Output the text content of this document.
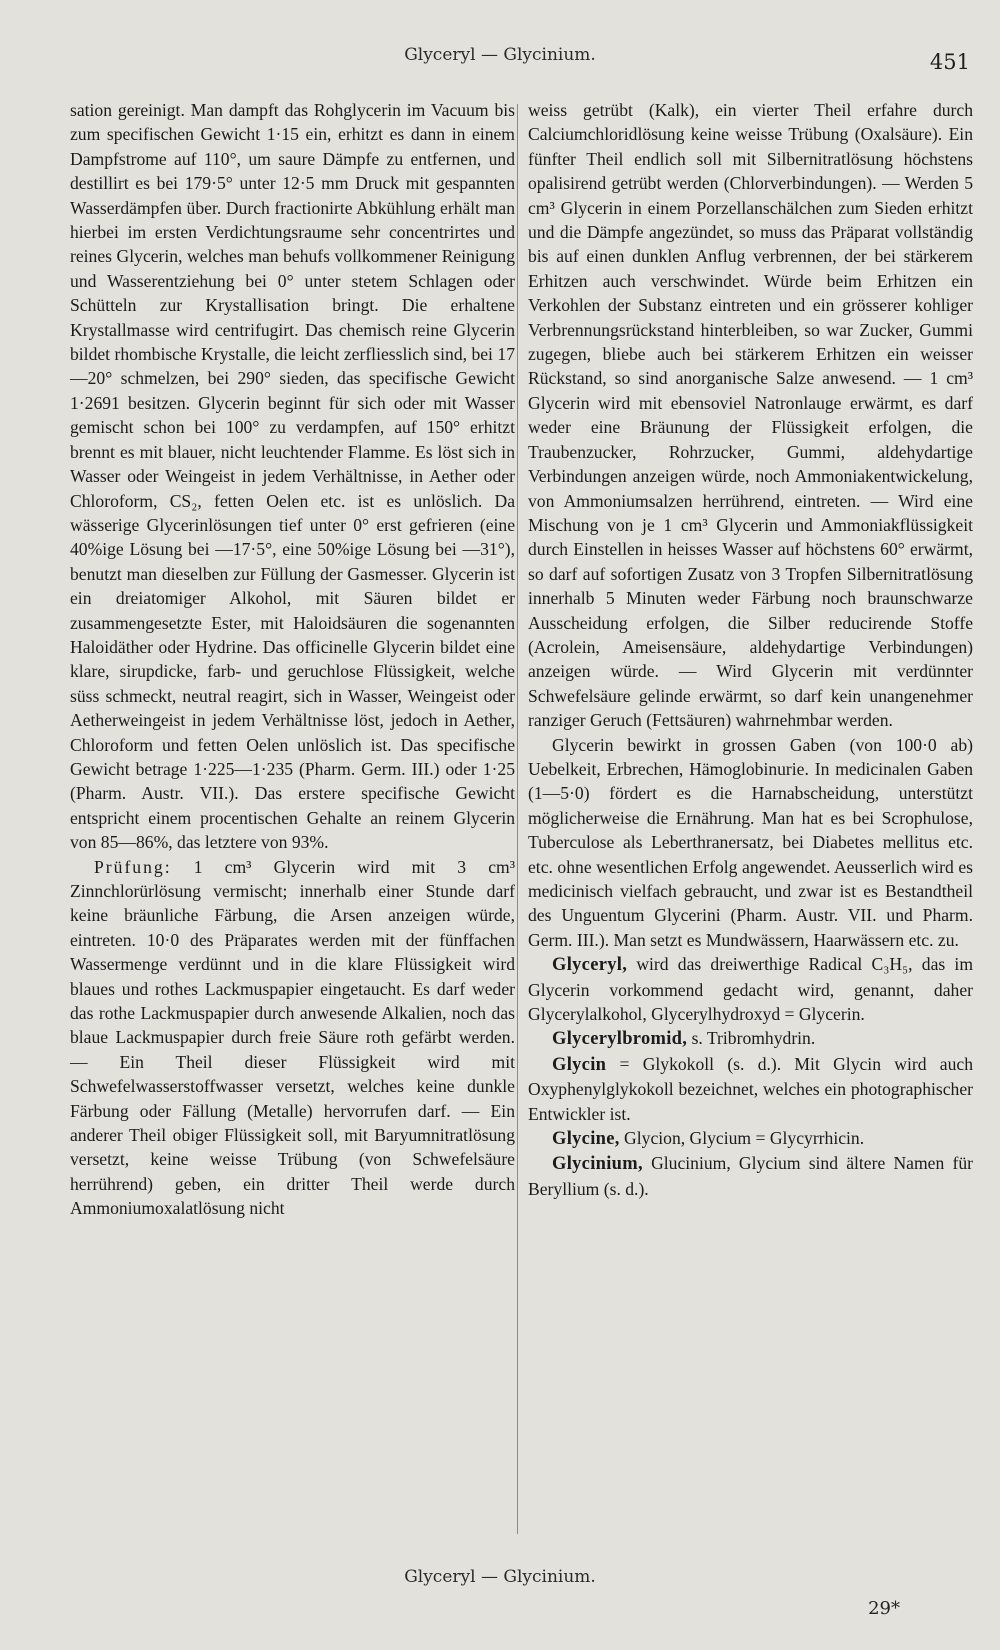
Glyceryl — Glycinium.	451

sation gereinigt. Man dampft das Rohglycerin im Vacuum bis zum specifischen Gewicht 1·15 ein, erhitzt es dann in einem Dampfstrome auf 110°, um saure Dämpfe zu entfernen, und destillirt es bei 179·5° unter 12·5 mm Druck mit gespannten Wasserdämpfen über. Durch fractionirte Abkühlung erhält man hierbei im ersten Verdichtungsraume sehr concentrirtes und reines Glycerin, welches man behufs vollkommener Reinigung und Wasserentziehung bei 0° unter stetem Schlagen oder Schütteln zur Krystallisation bringt. Die erhaltene Krystallmasse wird centrifugirt. Das chemisch reine Glycerin bildet rhombische Krystalle, die leicht zerfliesslich sind, bei 17—20° schmelzen, bei 290° sieden, das specifische Gewicht 1·2691 besitzen. Glycerin beginnt für sich oder mit Wasser gemischt schon bei 100° zu verdampfen, auf 150° erhitzt brennt es mit blauer, nicht leuchtender Flamme. Es löst sich in Wasser oder Weingeist in jedem Verhältnisse, in Aether oder Chloroform, CS₂, fetten Oelen etc. ist es unlöslich. Da wässerige Glycerinlösungen tief unter 0° erst gefrieren (eine 40%ige Lösung bei —17·5°, eine 50%ige Lösung bei —31°), benutzt man dieselben zur Füllung der Gasmesser. Glycerin ist ein dreiatomiger Alkohol, mit Säuren bildet er zusammengesetzte Ester, mit Haloidsäuren die sogenannten Haloidäther oder Hydrine. Das officinelle Glycerin bildet eine klare, sirupdicke, farb- und geruchlose Flüssigkeit, welche süss schmeckt, neutral reagirt, sich in Wasser, Weingeist oder Aetherweingeist in jedem Verhältnisse löst, jedoch in Aether, Chloroform und fetten Oelen unlöslich ist. Das specifische Gewicht betrage 1·225—1·235 (Pharm. Germ. III.) oder 1·25 (Pharm. Austr. VII.). Das erstere specifische Gewicht entspricht einem procentischen Gehalte an reinem Glycerin von 85—86%, das letztere von 93%.

Prüfung: 1 cm³ Glycerin wird mit 3 cm³ Zinnchlorürlösung vermischt; innerhalb einer Stunde darf keine bräunliche Färbung, die Arsen anzeigen würde, eintreten. 10·0 des Präparates werden mit der fünffachen Wassermenge verdünnt und in die klare Flüssigkeit wird blaues und rothes Lackmuspapier eingetaucht. Es darf weder das rothe Lackmuspapier durch anwesende Alkalien, noch das blaue Lackmuspapier durch freie Säure roth gefärbt werden. — Ein Theil dieser Flüssigkeit wird mit Schwefelwasserstoffwasser versetzt, welches keine dunkle Färbung oder Fällung (Metalle) hervorrufen darf. — Ein anderer Theil obiger Flüssigkeit soll, mit Baryumnitratlösung versetzt, keine weisse Trübung (von Schwefelsäure herrührend) geben, ein dritter Theil werde durch Ammoniumoxalatlösung nicht

weiss getrübt (Kalk), ein vierter Theil erfahre durch Calciumchloridlösung keine weisse Trübung (Oxalsäure). Ein fünfter Theil endlich soll mit Silbernitratlösung höchstens opalisirend getrübt werden (Chlorverbindungen). — Werden 5 cm³ Glycerin in einem Porzellanschälchen zum Sieden erhitzt und die Dämpfe angezündet, so muss das Präparat vollständig bis auf einen dunklen Anflug verbrennen, der bei stärkerem Erhitzen auch verschwindet. Würde beim Erhitzen ein Verkohlen der Substanz eintreten und ein grösserer kohliger Verbrennungsrückstand hinterbleiben, so war Zucker, Gummi zugegen, bliebe auch bei stärkerem Erhitzen ein weisser Rückstand, so sind anorganische Salze anwesend. — 1 cm³ Glycerin wird mit ebensoviel Natronlauge erwärmt, es darf weder eine Bräunung der Flüssigkeit erfolgen, die Traubenzucker, Rohrzucker, Gummi, aldehydartige Verbindungen anzeigen würde, noch Ammoniakentwickelung, von Ammoniumsalzen herrührend, eintreten. — Wird eine Mischung von je 1 cm³ Glycerin und Ammoniakflüssigkeit durch Einstellen in heisses Wasser auf höchstens 60° erwärmt, so darf auf sofortigen Zusatz von 3 Tropfen Silbernitratlösung innerhalb 5 Minuten weder Färbung noch braunschwarze Ausscheidung erfolgen, die Silber reducirende Stoffe (Acrolein, Ameisensäure, aldehydartige Verbindungen) anzeigen würde. — Wird Glycerin mit verdünnter Schwefelsäure gelinde erwärmt, so darf kein unangenehmer ranziger Geruch (Fettsäuren) wahrnehmbar werden.

Glycerin bewirkt in grossen Gaben (von 100·0 ab) Uebelkeit, Erbrechen, Hämoglobinurie. In medicinalen Gaben (1—5·0) fördert es die Harnabscheidung, unterstützt möglicherweise die Ernährung. Man hat es bei Scrophulose, Tuberculose als Leberthranersatz, bei Diabetes mellitus etc. etc. ohne wesentlichen Erfolg angewendet. Aeusserlich wird es medicinisch vielfach gebraucht, und zwar ist es Bestandtheil des Unguentum Glycerini (Pharm. Austr. VII. und Pharm. Germ. III.). Man setzt es Mundwässern, Haarwässern etc. zu.

Glyceryl, wird das dreiwerthige Radical C₃H₅, das im Glycerin vorkommend gedacht wird, genannt, daher Glycerylalkohol, Glycerylhydroxyd = Glycerin.

Glycerylbromid, s. Tribromhydrin.

Glycin = Glykokoll (s. d.). Mit Glycin wird auch Oxyphenylglykokoll bezeichnet, welches ein photographischer Entwickler ist.

Glycine, Glycion, Glycium = Glycyrrhicin.

Glycinium, Glucinium, Glycium sind ältere Namen für Beryllium (s. d.).

Glyceryl — Glycinium.
29*
